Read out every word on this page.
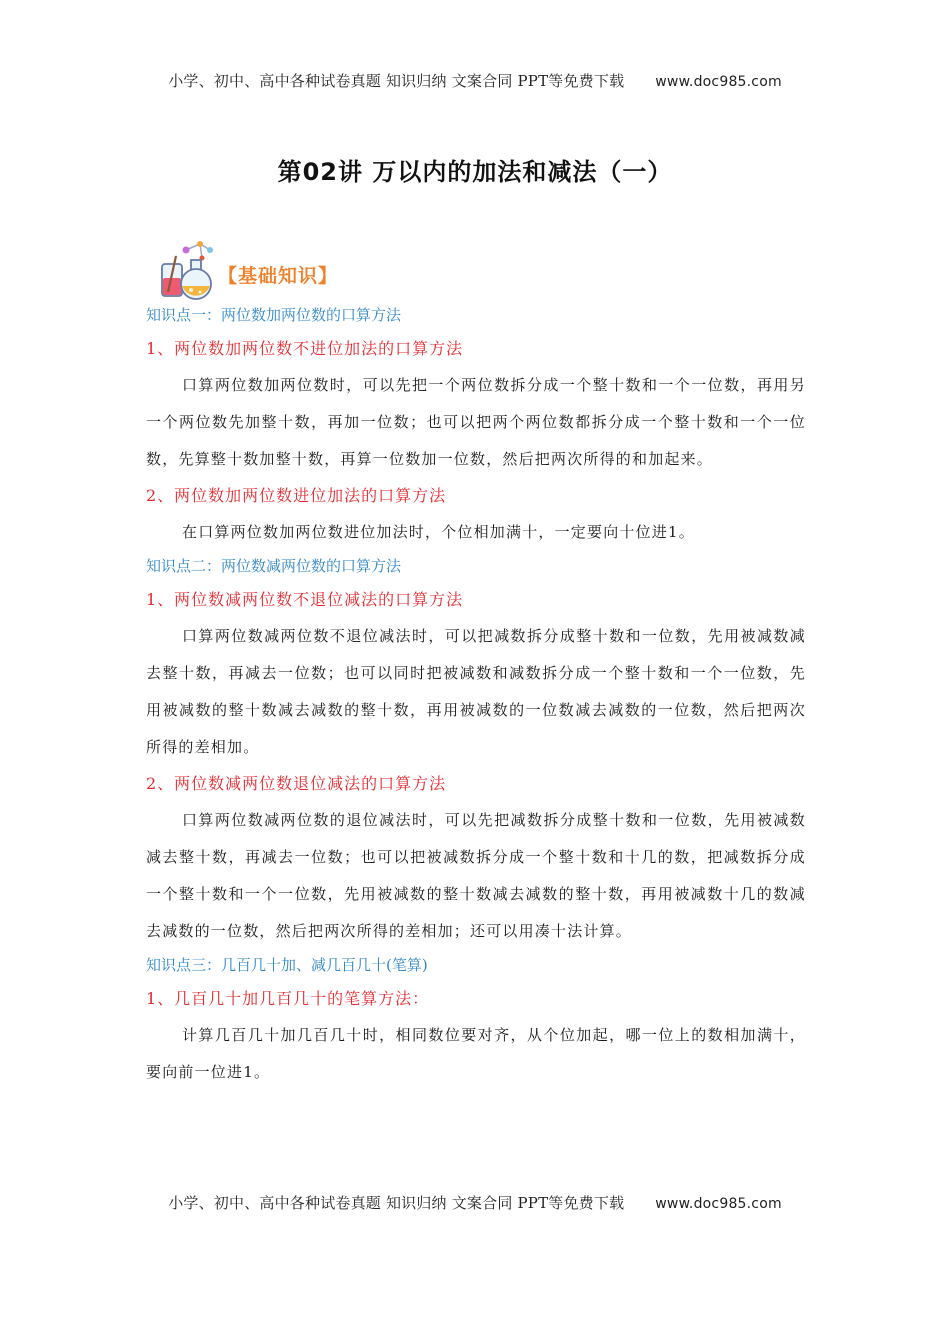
小学、初中、高中各种试卷真题 知识归纳 文案合同 PPT等免费下载 www.doc985.com
第02讲 万以内的加法和减法（一）
【基础知识】
知识点一：两位数加两位数的口算方法
1、两位数加两位数不进位加法的口算方法

口算两位数加两位数时，可以先把一个两位数拆分成一个整十数和一个一位数，再用另一个两位数先加整十数，再加一位数；也可以把两个两位数都拆分成一个整十数和一个一位数，先算整十数加整十数，再算一位数加一位数，然后把两次所得的和加起来。

2、两位数加两位数进位加法的口算方法

在口算两位数加两位数进位加法时，个位相加满十，一定要向十位进1。

知识点二：两位数减两位数的口算方法
1、两位数减两位数不退位减法的口算方法

口算两位数减两位数不退位减法时，可以把减数拆分成整十数和一位数，先用被减数减去整十数，再减去一位数；也可以同时把被减数和减数拆分成一个整十数和一个一位数，先用被减数的整十数减去减数的整十数，再用被减数的一位数减去减数的一位数，然后把两次所得的差相加。

2、两位数减两位数退位减法的口算方法

口算两位数减两位数的退位减法时，可以先把减数拆分成整十数和一位数，先用被减数减去整十数，再减去一位数；也可以把被减数拆分成一个整十数和十几的数，把减数拆分成一个整十数和一个一位数，先用被减数的整十数减去减数的整十数，再用被减数十几的数减去减数的一位数，然后把两次所得的差相加；还可以用凑十法计算。

知识点三：几百几十加、减几百几十(笔算)
1、几百几十加几百几十的笔算方法：

计算几百几十加几百几十时，相同数位要对齐，从个位加起，哪一位上的数相加满十，要向前一位进1。

小学、初中、高中各种试卷真题 知识归纳 文案合同 PPT等免费下载 www.doc985.com
